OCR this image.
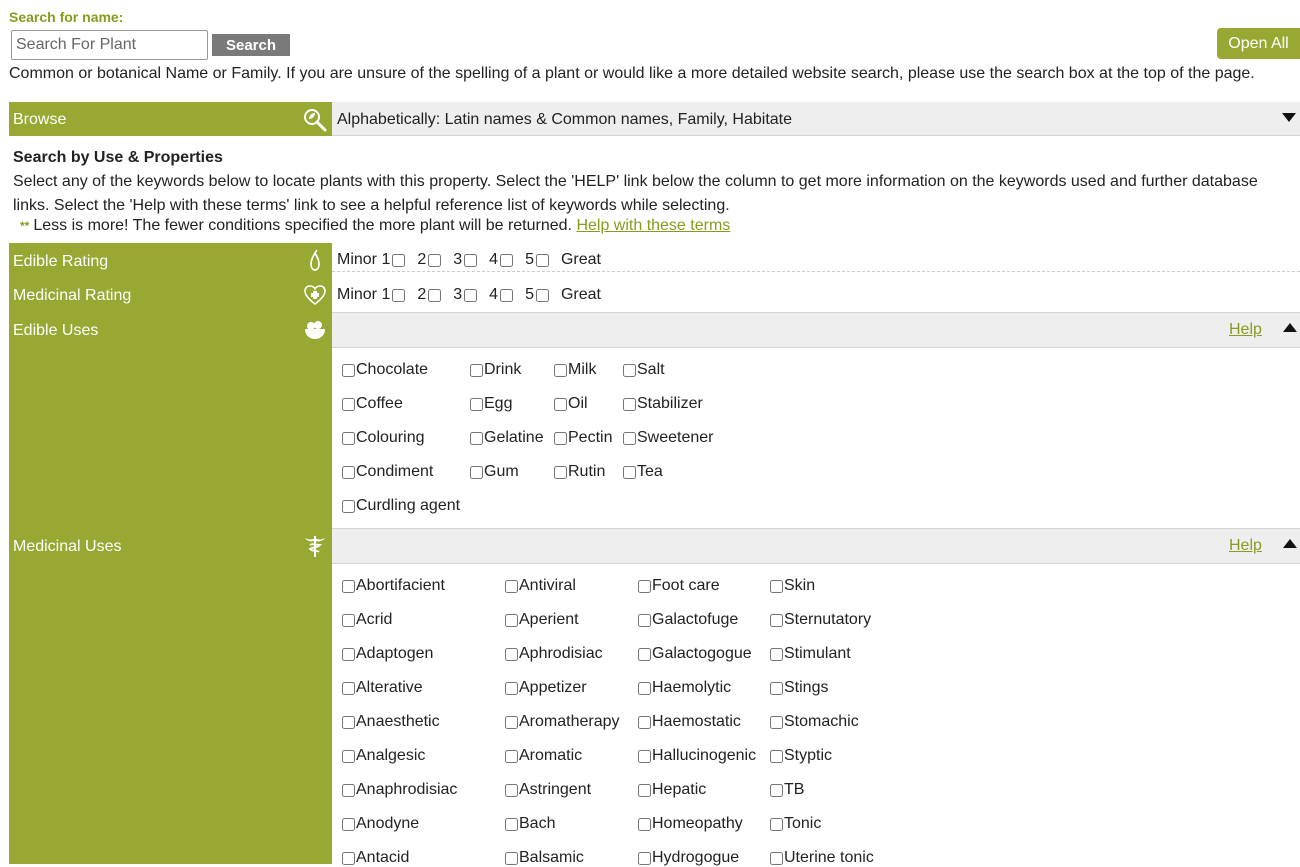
Search for name:
Search For Plant
Search	Open All
Common or botanical Name or Family. If you are unsure of the spelling of a plant or would like a more detailed website search, please use the search box at the top of the page.
Browse	Alphabetically: Latin names & Common names, Family, Habitate
Search by Use & Properties
Select any of the keywords below to locate plants with this property. Select the 'HELP' link below the column to get more information on the keywords used and further database links. Select the 'Help with these terms' link to see a helpful reference list of keywords while selecting.
** Less is more! The fewer conditions specified the more plant will be returned. Help with these terms
Edible Rating
Medicinal Rating
Edible Uses
Medicinal Uses
Minor 1 2 3 4 5 Great
Minor 1 2 3 4 5 Great
Help
Chocolate
Coffee
Colouring
Condiment
Curdling agent
Drink
Egg
Gelatine
Gum
Milk
Oil
Pectin
Rutin
Salt
Stabilizer
Sweetener
Tea
Help
Abortifacient
Acrid
Adaptogen
Alterative
Anaesthetic
Analgesic
Anaphrodisiac
Anodyne
Antacid
Antiviral
Aperient
Aphrodisiac
Appetizer
Aromatherapy
Aromatic
Astringent
Bach
Balsamic
Foot care
Galactofuge
Galactogogue
Haemolytic
Haemostatic
Hallucinogenic
Hepatic
Homeopathy
Hydrogogue
Skin
Sternutatory
Stimulant
Stings
Stomachic
Styptic
TB
Tonic
Uterine tonic
